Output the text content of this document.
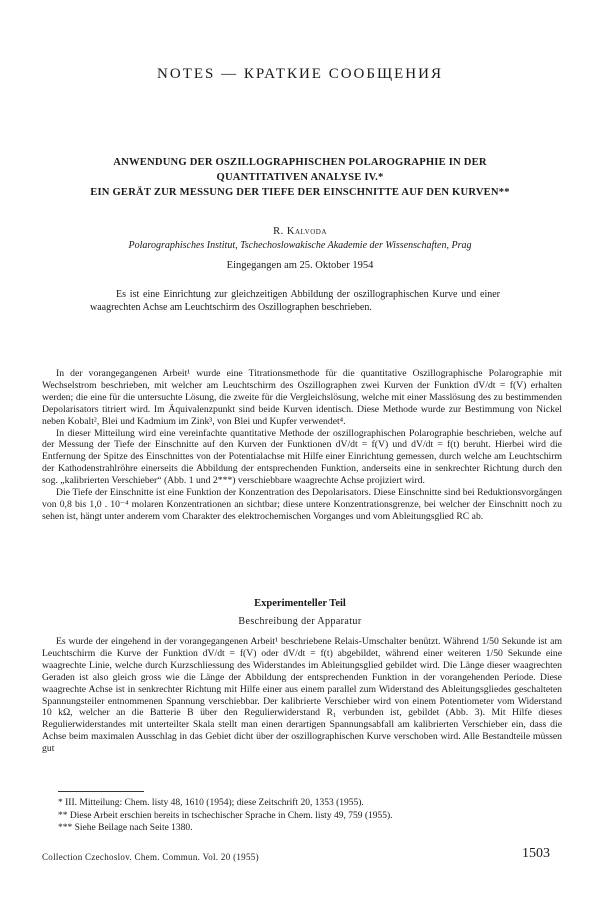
NOTES — КРАТКИЕ СООБЩЕНИЯ
ANWENDUNG DER OSZILLOGRAPHISCHEN POLAROGRAPHIE IN DER
QUANTITATIVEN ANALYSE IV.*
EIN GERÄT ZUR MESSUNG DER TIEFE DER EINSCHNITTE AUF DEN KURVEN**
R. Kalvoda
Polarographisches Institut, Tschechoslowakische Akademie der Wissenschaften, Prag
Eingegangen am 25. Oktober 1954
Es ist eine Einrichtung zur gleichzeitigen Abbildung der oszillographischen Kurve und einer waagrechten Achse am Leuchtschirm des Oszillographen beschrieben.

In der vorangegangenen Arbeit¹ wurde eine Titrationsmethode für die quantitative Oszillographische Polarographie mit Wechselstrom beschrieben, mit welcher am Leuchtschirm des Oszillographen zwei Kurven der Funktion dV/dt = f(V) erhalten werden; die eine für die untersuchte Lösung, die zweite für die Vergleichslösung, welche mit einer Masslösung des zu bestimmenden Depolarisators titriert wird. Im Äquivalenzpunkt sind beide Kurven identisch. Diese Methode wurde zur Bestimmung von Nickel neben Kobalt², Blei und Kadmium im Zink³, von Blei und Kupfer verwendet⁴.

In dieser Mitteilung wird eine vereinfachte quantitative Methode der oszillographischen Polarographie beschrieben, welche auf der Messung der Tiefe der Einschnitte auf den Kurven der Funktionen dV/dt = f(V) und dV/dt = f(t) beruht. Hierbei wird die Entfernung der Spitze des Einschnittes von der Potentialachse mit Hilfe einer Einrichtung gemessen, durch welche am Leuchtschirm der Kathodenstrahlröhre einerseits die Abbildung der entsprechenden Funktion, anderseits eine in senkrechter Richtung durch den sog. „kalibrierten Verschieber“ (Abb. 1 und 2***) verschiebbare waagrechte Achse projiziert wird.

Die Tiefe der Einschnitte ist eine Funktion der Konzentration des Depolarisators. Diese Einschnitte sind bei Reduktionsvorgängen von 0,8 bis 1,0 . 10⁻⁴ molaren Konzentrationen an sichtbar; diese untere Konzentrationsgrenze, bei welcher der Einschnitt noch zu sehen ist, hängt unter anderem vom Charakter des elektrochemischen Vorganges und vom Ableitungsglied RC ab.

Experimenteller Teil
Beschreibung der Apparatur

Es wurde der eingehend in der vorangegangenen Arbeit¹ beschriebene Relais-Umschalter benützt. Während 1/50 Sekunde ist am Leuchtschirm die Kurve der Funktion dV/dt = f(V) oder dV/dt = f(t) abgebildet, während einer weiteren 1/50 Sekunde eine waagrechte Linie, welche durch Kurzschliessung des Widerstandes im Ableitungsglied gebildet wird. Die Länge dieser waagrechten Geraden ist also gleich gross wie die Länge der Abbildung der entsprechenden Funktion in der vorangehenden Periode. Diese waagrechte Achse ist in senkrechter Richtung mit Hilfe einer aus einem parallel zum Widerstand des Ableitungsgliedes geschalteten Spannungsteiler entnommenen Spannung verschiebbar. Der kalibrierte Verschieber wird von einem Potentiometer vom Widerstand 10 kΩ, welcher an die Batterie B über den Regulierwiderstand R₁ verbunden ist, gebildet (Abb. 3). Mit Hilfe dieses Regulierwiderstandes mit unterteilter Skala stellt man einen derartigen Spannungsabfall am kalibrierten Verschieber ein, dass die Achse beim maximalen Ausschlag in das Gebiet dicht über der oszillographischen Kurve verschoben wird. Alle Bestandteile müssen gut

* III. Mitteilung: Chem. listy 48, 1610 (1954); diese Zeitschrift 20, 1353 (1955).
** Diese Arbeit erschien bereits in tschechischer Sprache in Chem. listy 49, 759 (1955).
*** Siehe Beilage nach Seite 1380.
Collection Czechoslov. Chem. Commun. Vol. 20 (1955)	1503
